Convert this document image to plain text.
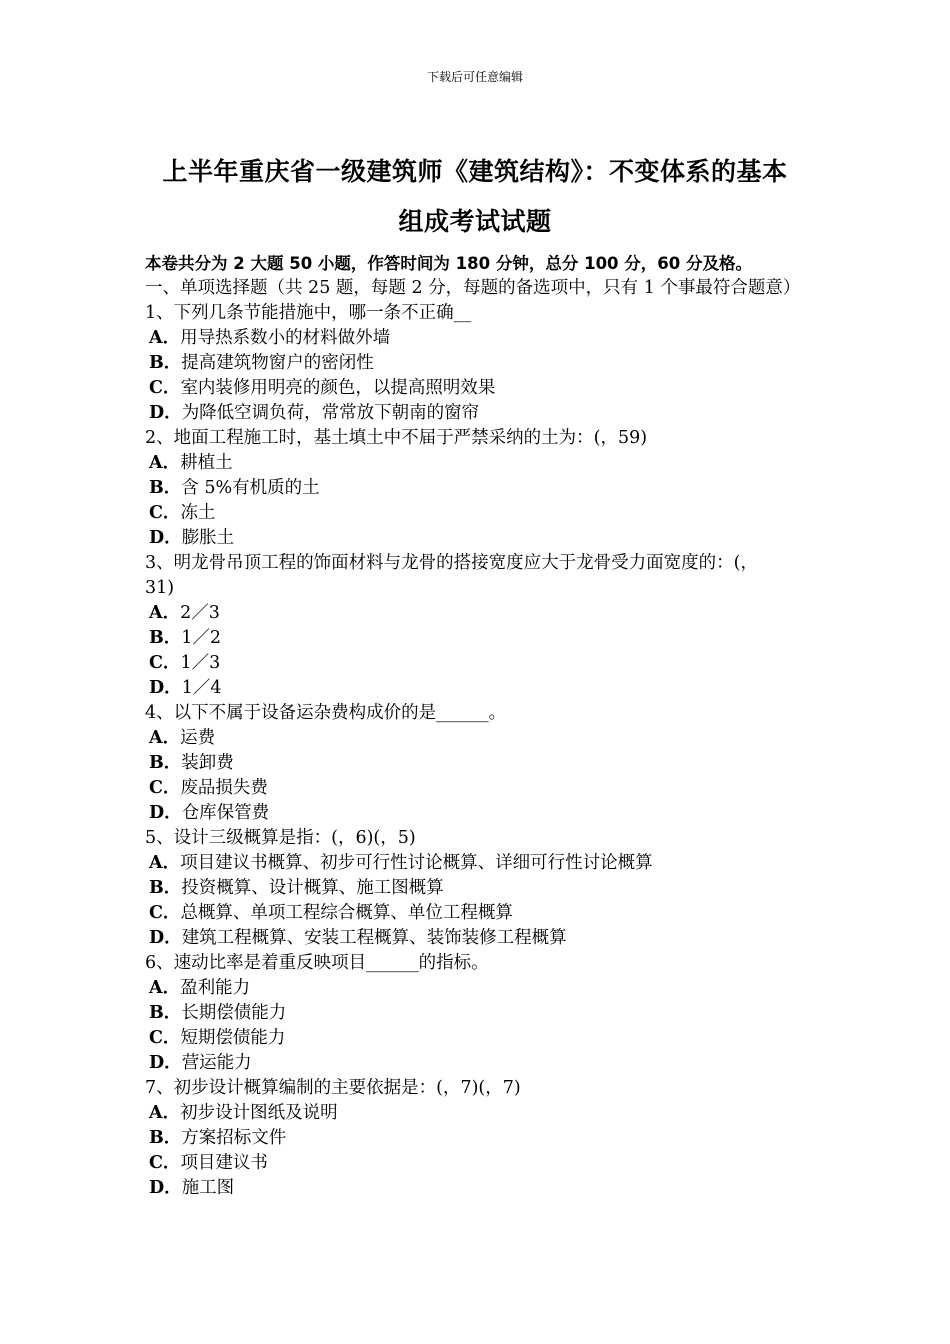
下载后可任意编辑
上半年重庆省一级建筑师《建筑结构》：不变体系的基本
组成考试试题
本卷共分为 2 大题 50 小题，作答时间为 180 分钟，总分 100 分，60 分及格。
一、单项选择题（共 25 题，每题 2 分，每题的备选项中，只有 1 个事最符合题意）
1、下列几条节能措施中，哪一条不正确__
A．用导热系数小的材料做外墙
B．提高建筑物窗户的密闭性
C．室内装修用明亮的颜色，以提高照明效果
D．为降低空调负荷，常常放下朝南的窗帘
2、地面工程施工时，基土填土中不届于严禁采纳的土为：(，59)
A．耕植土
B．含 5%有机质的土
C．冻土
D．膨胀土
3、明龙骨吊顶工程的饰面材料与龙骨的搭接宽度应大于龙骨受力面宽度的：(，
31)
A．2／3
B．1／2
C．1／3
D．1／4
4、以下不属于设备运杂费构成价的是______。
A．运费
B．装卸费
C．废品损失费
D．仓库保管费
5、设计三级概算是指：(，6)(，5)
A．项目建议书概算、初步可行性讨论概算、详细可行性讨论概算
B．投资概算、设计概算、施工图概算
C．总概算、单项工程综合概算、单位工程概算
D．建筑工程概算、安装工程概算、装饰装修工程概算
6、速动比率是着重反映项目______的指标。
A．盈利能力
B．长期偿债能力
C．短期偿债能力
D．营运能力
7、初步设计概算编制的主要依据是：(，7)(，7)
A．初步设计图纸及说明
B．方案招标文件
C．项目建议书
D．施工图
